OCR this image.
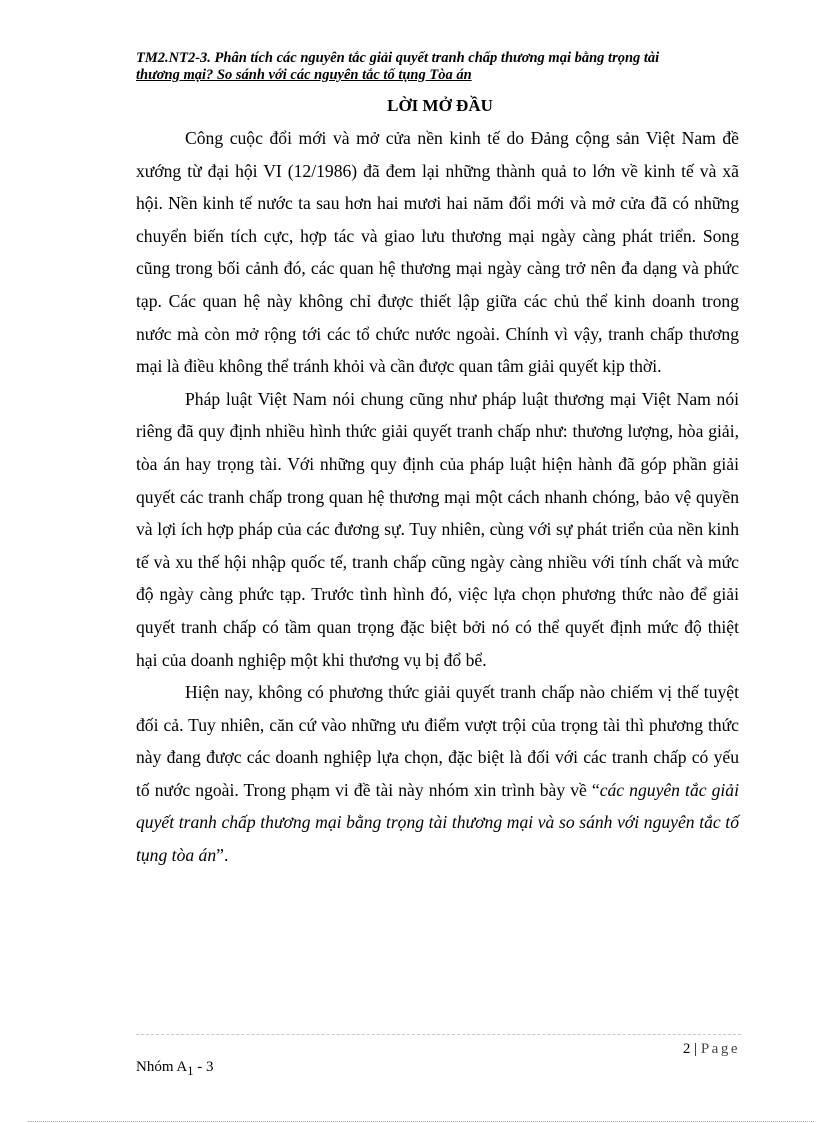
TM2.NT2-3. Phân tích các nguyên tắc giải quyết tranh chấp thương mại bằng trọng tài
thương mại? So sánh với các nguyên tắc tố tụng Tòa án
LỜI MỞ ĐẦU

Công cuộc đổi mới và mở cửa nền kinh tế do Đảng cộng sản Việt Nam đề xướng từ đại hội VI (12/1986) đã đem lại những thành quả to lớn về kinh tế và xã hội. Nền kinh tế nước ta sau hơn hai mươi hai năm đổi mới và mở cửa đã có những chuyển biến tích cực, hợp tác và giao lưu thương mại ngày càng phát triển. Song cũng trong bối cảnh đó, các quan hệ thương mại ngày càng trở nên đa dạng và phức tạp. Các quan hệ này không chỉ được thiết lập giữa các chủ thể kinh doanh trong nước mà còn mở rộng tới các tổ chức nước ngoài. Chính vì vậy, tranh chấp thương mại là điều không thể tránh khỏi và cần được quan tâm giải quyết kịp thời.

Pháp luật Việt Nam nói chung cũng như pháp luật thương mại Việt Nam nói riêng đã quy định nhiều hình thức giải quyết tranh chấp như: thương lượng, hòa giải, tòa án hay trọng tài. Với những quy định của pháp luật hiện hành đã góp phần giải quyết các tranh chấp trong quan hệ thương mại một cách nhanh chóng, bảo vệ quyền và lợi ích hợp pháp của các đương sự. Tuy nhiên, cùng với sự phát triển của nền kinh tế và xu thế hội nhập quốc tế, tranh chấp cũng ngày càng nhiều với tính chất và mức độ ngày càng phức tạp. Trước tình hình đó, việc lựa chọn phương thức nào để giải quyết tranh chấp có tầm quan trọng đặc biệt bởi nó có thể quyết định mức độ thiệt hại của doanh nghiệp một khi thương vụ bị đổ bể.

Hiện nay, không có phương thức giải quyết tranh chấp nào chiếm vị thế tuyệt đối cả. Tuy nhiên, căn cứ vào những ưu điểm vượt trội của trọng tài thì phương thức này đang được các doanh nghiệp lựa chọn, đặc biệt là đối với các tranh chấp có yếu tố nước ngoài. Trong phạm vi đề tài này nhóm xin trình bày về “các nguyên tắc giải quyết tranh chấp thương mại bằng trọng tài thương mại và so sánh với nguyên tắc tố tụng tòa án”.

2 | Page
Nhóm $A_1 - 3$
